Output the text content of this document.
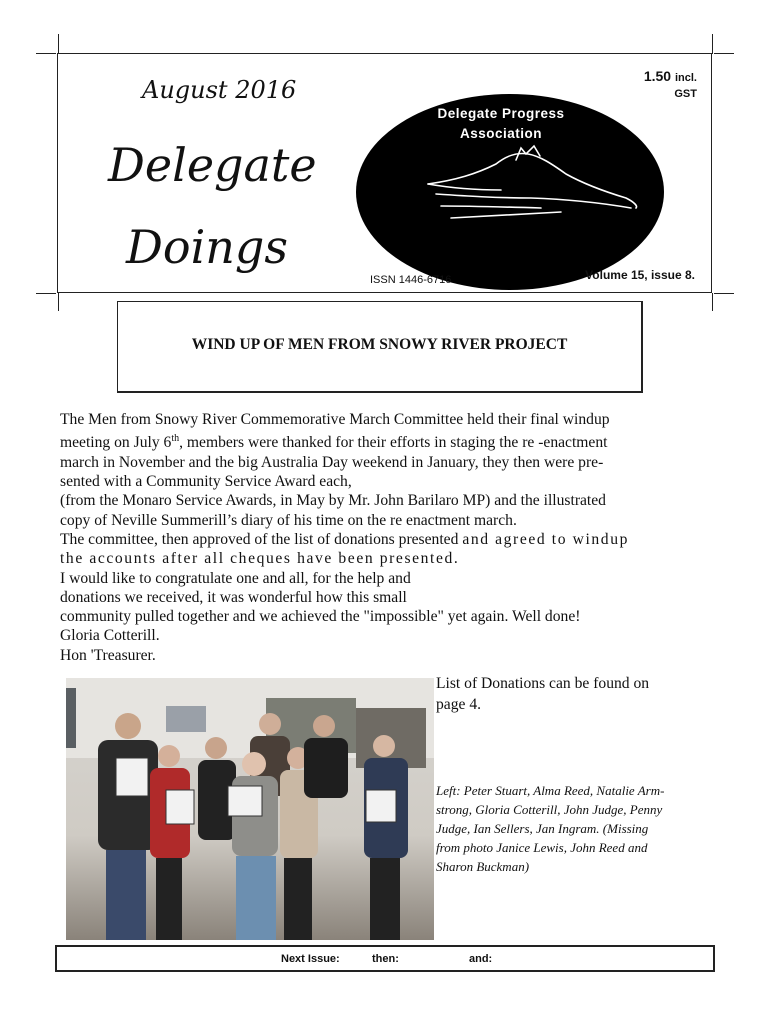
August 2016
Delegate
Doings
1.50 incl.
GST
Delegate Progress
Association
ISSN 1446-6716	Volume 15, issue 8.
WIND UP OF MEN FROM SNOWY RIVER PROJECT

The Men from Snowy River Commemorative March Committee held their final windup

meeting on July 6th, members were thanked for their efforts in staging the re -enactment

march in November and the big Australia Day weekend in January, they then were pre-

sented with a Community Service Award each,

(from the Monaro Service Awards, in May by Mr. John Barilaro MP) and the illustrated

copy of Neville Summerill’s diary of his time on the re enactment march.

The committee, then approved of the list of donations presented and agreed to windup

the accounts after all cheques have been presented.

I would like to congratulate one and all, for the help and

donations we received, it was wonderful how this small

community pulled together and we achieved the "impossible" yet again. Well done!

Gloria Cotterill.

Hon 'Treasurer.

List of Donations can be found on
page 4.

Left: Peter Stuart, Alma Reed, Natalie Arm-

strong, Gloria Cotterill, John Judge, Penny

Judge, Ian Sellers, Jan Ingram. (Missing

from photo Janice Lewis, John Reed and

Sharon Buckman)

Next Issue:	then:	and:
